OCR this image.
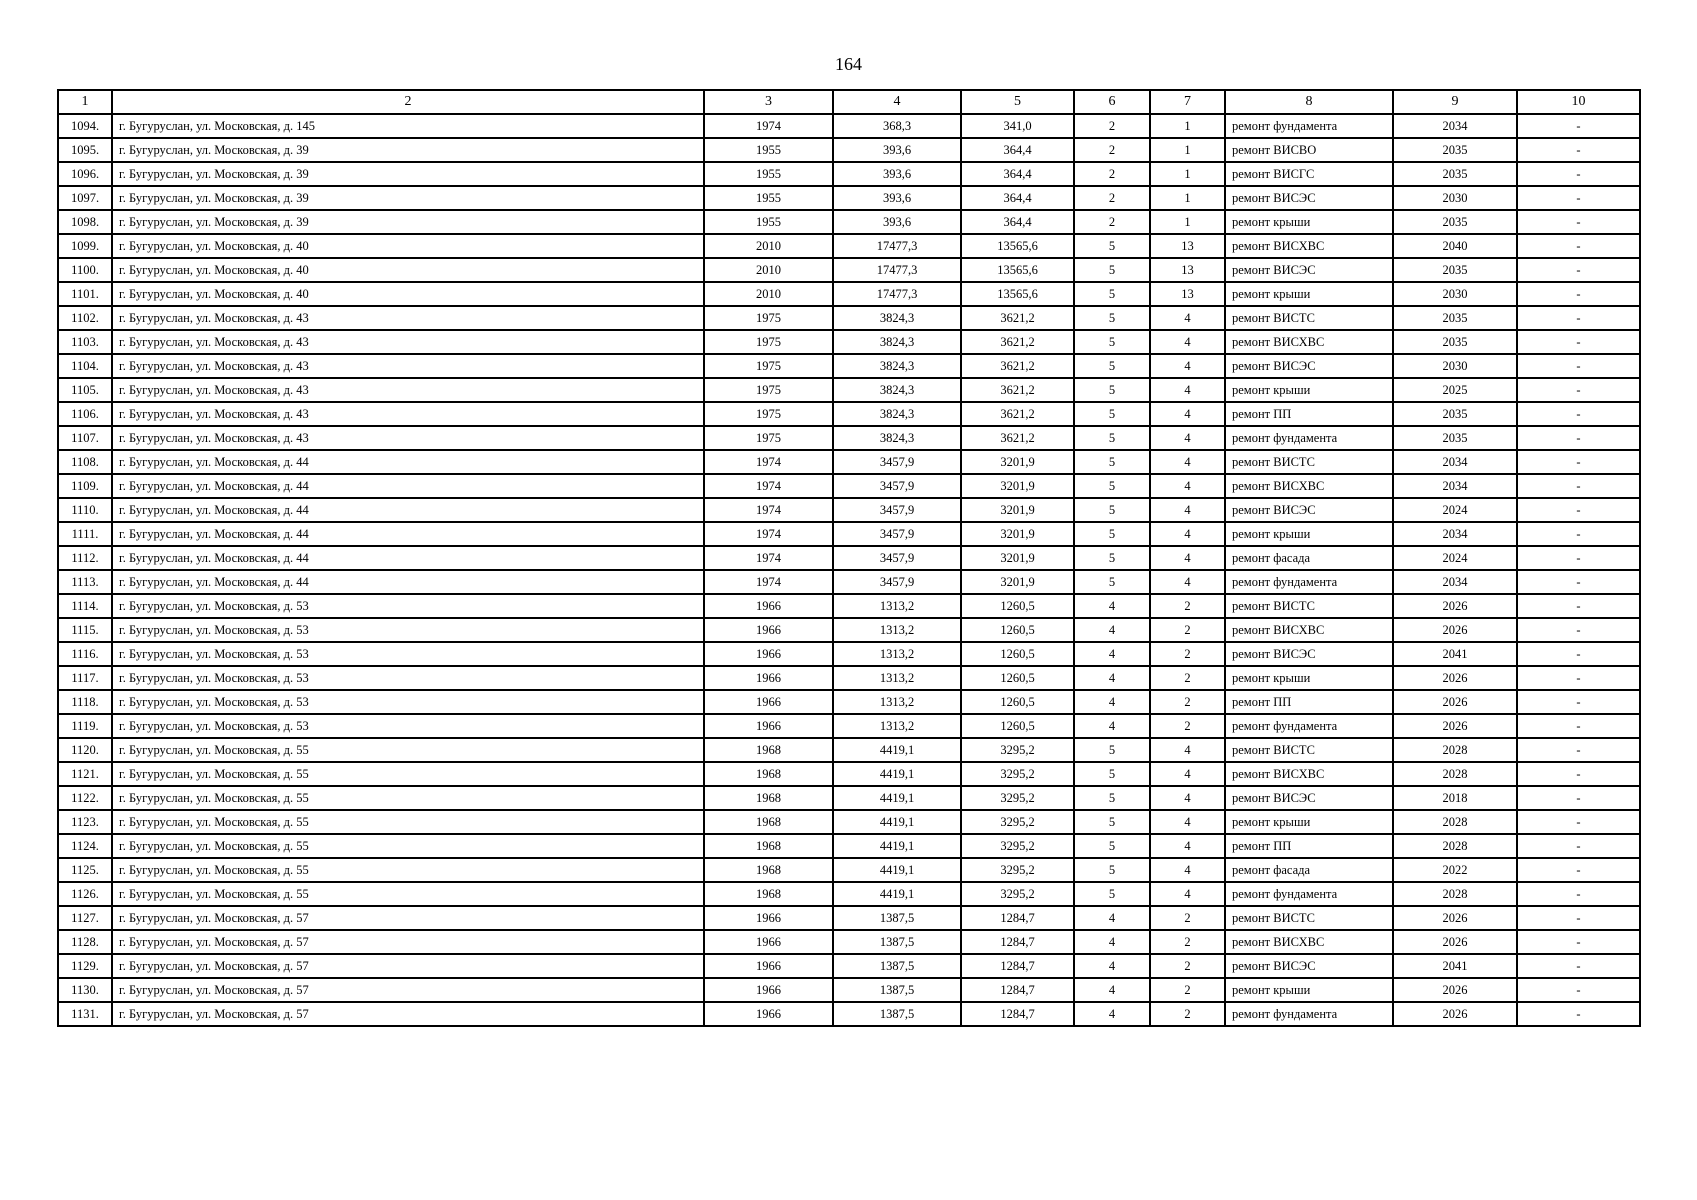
164
1	2	3	4	5	6	7	8	9	10
1094.	г. Бугуруслан, ул. Московская, д. 145	1974	368,3	341,0	2	1	ремонт фундамента	2034	-
1095.	г. Бугуруслан, ул. Московская, д. 39	1955	393,6	364,4	2	1	ремонт ВИСВО	2035	-
1096.	г. Бугуруслан, ул. Московская, д. 39	1955	393,6	364,4	2	1	ремонт ВИСГС	2035	-
1097.	г. Бугуруслан, ул. Московская, д. 39	1955	393,6	364,4	2	1	ремонт ВИСЭС	2030	-
1098.	г. Бугуруслан, ул. Московская, д. 39	1955	393,6	364,4	2	1	ремонт крыши	2035	-
1099.	г. Бугуруслан, ул. Московская, д. 40	2010	17477,3	13565,6	5	13	ремонт ВИСХВС	2040	-
1100.	г. Бугуруслан, ул. Московская, д. 40	2010	17477,3	13565,6	5	13	ремонт ВИСЭС	2035	-
1101.	г. Бугуруслан, ул. Московская, д. 40	2010	17477,3	13565,6	5	13	ремонт крыши	2030	-
1102.	г. Бугуруслан, ул. Московская, д. 43	1975	3824,3	3621,2	5	4	ремонт ВИСТС	2035	-
1103.	г. Бугуруслан, ул. Московская, д. 43	1975	3824,3	3621,2	5	4	ремонт ВИСХВС	2035	-
1104.	г. Бугуруслан, ул. Московская, д. 43	1975	3824,3	3621,2	5	4	ремонт ВИСЭС	2030	-
1105.	г. Бугуруслан, ул. Московская, д. 43	1975	3824,3	3621,2	5	4	ремонт крыши	2025	-
1106.	г. Бугуруслан, ул. Московская, д. 43	1975	3824,3	3621,2	5	4	ремонт ПП	2035	-
1107.	г. Бугуруслан, ул. Московская, д. 43	1975	3824,3	3621,2	5	4	ремонт фундамента	2035	-
1108.	г. Бугуруслан, ул. Московская, д. 44	1974	3457,9	3201,9	5	4	ремонт ВИСТС	2034	-
1109.	г. Бугуруслан, ул. Московская, д. 44	1974	3457,9	3201,9	5	4	ремонт ВИСХВС	2034	-
1110.	г. Бугуруслан, ул. Московская, д. 44	1974	3457,9	3201,9	5	4	ремонт ВИСЭС	2024	-
1111.	г. Бугуруслан, ул. Московская, д. 44	1974	3457,9	3201,9	5	4	ремонт крыши	2034	-
1112.	г. Бугуруслан, ул. Московская, д. 44	1974	3457,9	3201,9	5	4	ремонт фасада	2024	-
1113.	г. Бугуруслан, ул. Московская, д. 44	1974	3457,9	3201,9	5	4	ремонт фундамента	2034	-
1114.	г. Бугуруслан, ул. Московская, д. 53	1966	1313,2	1260,5	4	2	ремонт ВИСТС	2026	-
1115.	г. Бугуруслан, ул. Московская, д. 53	1966	1313,2	1260,5	4	2	ремонт ВИСХВС	2026	-
1116.	г. Бугуруслан, ул. Московская, д. 53	1966	1313,2	1260,5	4	2	ремонт ВИСЭС	2041	-
1117.	г. Бугуруслан, ул. Московская, д. 53	1966	1313,2	1260,5	4	2	ремонт крыши	2026	-
1118.	г. Бугуруслан, ул. Московская, д. 53	1966	1313,2	1260,5	4	2	ремонт ПП	2026	-
1119.	г. Бугуруслан, ул. Московская, д. 53	1966	1313,2	1260,5	4	2	ремонт фундамента	2026	-
1120.	г. Бугуруслан, ул. Московская, д. 55	1968	4419,1	3295,2	5	4	ремонт ВИСТС	2028	-
1121.	г. Бугуруслан, ул. Московская, д. 55	1968	4419,1	3295,2	5	4	ремонт ВИСХВС	2028	-
1122.	г. Бугуруслан, ул. Московская, д. 55	1968	4419,1	3295,2	5	4	ремонт ВИСЭС	2018	-
1123.	г. Бугуруслан, ул. Московская, д. 55	1968	4419,1	3295,2	5	4	ремонт крыши	2028	-
1124.	г. Бугуруслан, ул. Московская, д. 55	1968	4419,1	3295,2	5	4	ремонт ПП	2028	-
1125.	г. Бугуруслан, ул. Московская, д. 55	1968	4419,1	3295,2	5	4	ремонт фасада	2022	-
1126.	г. Бугуруслан, ул. Московская, д. 55	1968	4419,1	3295,2	5	4	ремонт фундамента	2028	-
1127.	г. Бугуруслан, ул. Московская, д. 57	1966	1387,5	1284,7	4	2	ремонт ВИСТС	2026	-
1128.	г. Бугуруслан, ул. Московская, д. 57	1966	1387,5	1284,7	4	2	ремонт ВИСХВС	2026	-
1129.	г. Бугуруслан, ул. Московская, д. 57	1966	1387,5	1284,7	4	2	ремонт ВИСЭС	2041	-
1130.	г. Бугуруслан, ул. Московская, д. 57	1966	1387,5	1284,7	4	2	ремонт крыши	2026	-
1131.	г. Бугуруслан, ул. Московская, д. 57	1966	1387,5	1284,7	4	2	ремонт фундамента	2026	-
